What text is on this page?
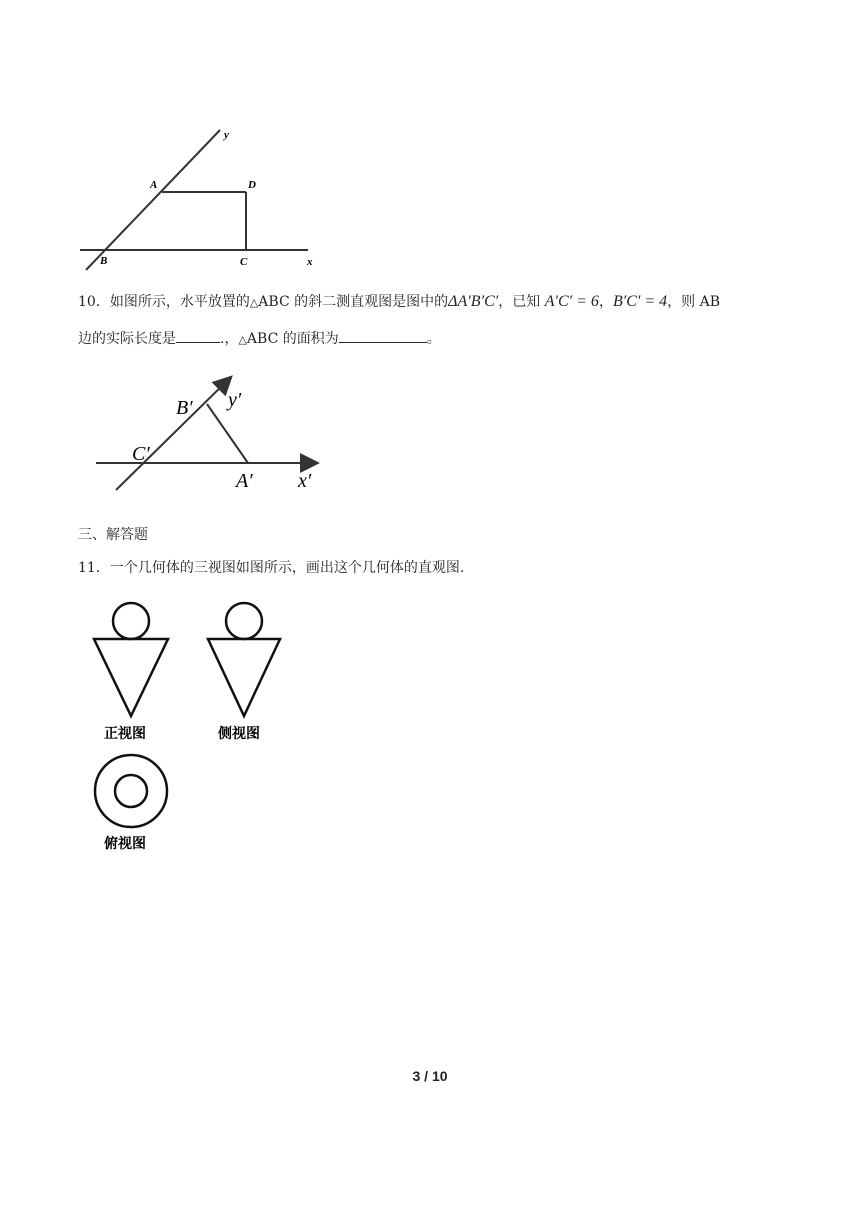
y
A	D
B	C	x
10．如图所示，水平放置的△ABC 的斜二测直观图是图中的ΔA′B′C′，已知 A′C′ = 6，B′C′ = 4，则 AB
边的实际长度是	.，△ABC 的面积为	。
B′ y′
C′
A′ x′
三、解答题
11．一个几何体的三视图如图所示，画出这个几何体的直观图.
正视图	侧视图
俯视图
3 / 10
